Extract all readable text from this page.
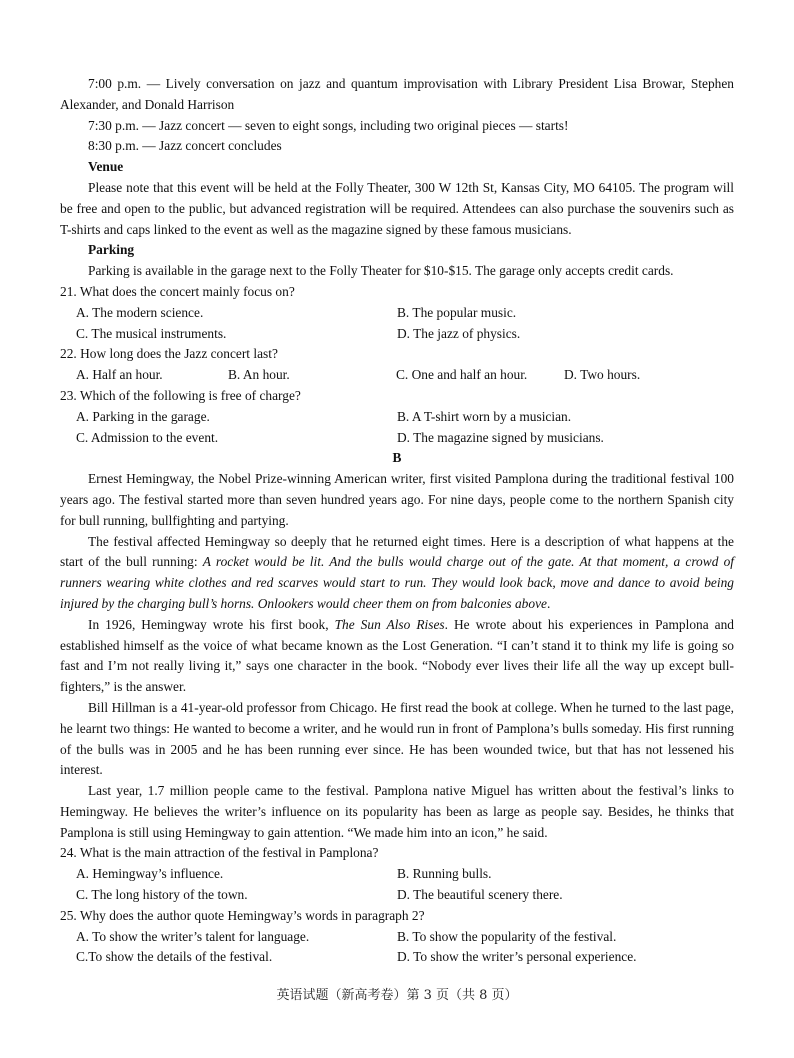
7:00 p.m. — Lively conversation on jazz and quantum improvisation with Library President Lisa Browar, Stephen Alexander, and Donald Harrison

7:30 p.m. — Jazz concert — seven to eight songs, including two original pieces — starts!

8:30 p.m. — Jazz concert concludes

Venue

Please note that this event will be held at the Folly Theater, 300 W 12th St, Kansas City, MO 64105. The program will be free and open to the public, but advanced registration will be required. Attendees can also purchase the souvenirs such as T-shirts and caps linked to the event as well as the magazine signed by these famous musicians.

Parking

Parking is available in the garage next to the Folly Theater for $10-$15. The garage only accepts credit cards.

21. What does the concert mainly focus on?

A. The modern science.	B. The popular music.
C. The musical instruments.	D. The jazz of physics.

22. How long does the Jazz concert last?

A. Half an hour.	B. An hour.	C. One and half an hour.	D. Two hours.

23. Which of the following is free of charge?

A. Parking in the garage.	B. A T-shirt worn by a musician.
C. Admission to the event.	D. The magazine signed by musicians.

B

Ernest Hemingway, the Nobel Prize-winning American writer, first visited Pamplona during the traditional festival 100 years ago. The festival started more than seven hundred years ago. For nine days, people come to the northern Spanish city for bull running, bullfighting and partying.

The festival affected Hemingway so deeply that he returned eight times. Here is a description of what happens at the start of the bull running: A rocket would be lit. And the bulls would charge out of the gate. At that moment, a crowd of runners wearing white clothes and red scarves would start to run. They would look back, move and dance to avoid being injured by the charging bull’s horns. Onlookers would cheer them on from balconies above.

In 1926, Hemingway wrote his first book, The Sun Also Rises. He wrote about his experiences in Pamplona and established himself as the voice of what became known as the Lost Generation. “I can’t stand it to think my life is going so fast and I’m not really living it,” says one character in the book. “Nobody ever lives their life all the way up except bull-fighters,” is the answer.

Bill Hillman is a 41-year-old professor from Chicago. He first read the book at college. When he turned to the last page, he learnt two things: He wanted to become a writer, and he would run in front of Pamplona’s bulls someday. His first running of the bulls was in 2005 and he has been running ever since. He has been wounded twice, but that has not lessened his interest.

Last year, 1.7 million people came to the festival. Pamplona native Miguel has written about the festival’s links to Hemingway. He believes the writer’s influence on its popularity has been as large as people say. Besides, he thinks that Pamplona is still using Hemingway to gain attention. “We made him into an icon,” he said.

24. What is the main attraction of the festival in Pamplona?

A. Hemingway’s influence.	B. Running bulls.
C. The long history of the town.	D. The beautiful scenery there.

25. Why does the author quote Hemingway’s words in paragraph 2?

A. To show the writer’s talent for language.	B. To show the popularity of the festival.
C.To show the details of the festival.	D. To show the writer’s personal experience.
英语试题（新高考卷）第 3 页（共 8 页）
